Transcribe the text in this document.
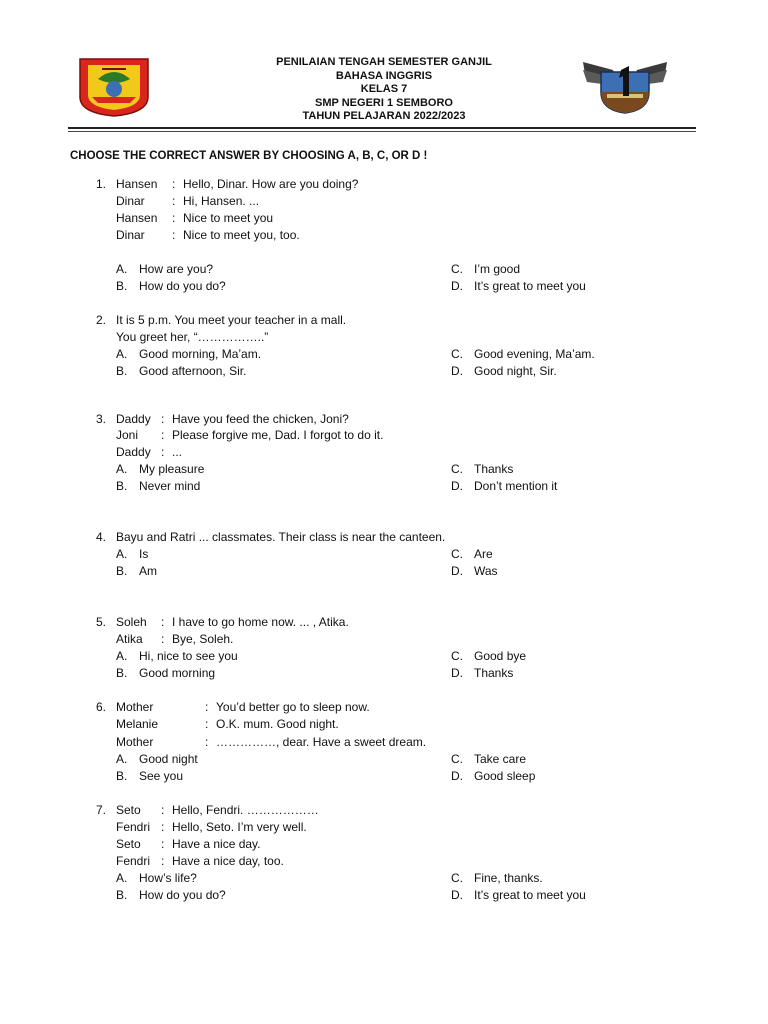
PENILAIAN TENGAH SEMESTER GANJIL
BAHASA INGGRIS
KELAS 7
SMP NEGERI 1 SEMBORO
TAHUN PELAJARAN 2022/2023
CHOOSE THE CORRECT ANSWER BY CHOOSING A, B, C, OR D !
1. Hansen : Hello, Dinar. How are you doing?
Dinar : Hi, Hansen. ...
Hansen : Nice to meet you
Dinar : Nice to meet you, too.
A. How are you?
B. How do you do?
C. I’m good
D. It’s great to meet you
2. It is 5 p.m. You meet your teacher in a mall.
You greet her, “……………..”
A. Good morning, Ma’am.
B. Good afternoon, Sir.
C. Good evening, Ma’am.
D. Good night, Sir.
3. Daddy : Have you feed the chicken, Joni?
Joni : Please forgive me, Dad. I forgot to do it.
Daddy : ...
A. My pleasure
B. Never mind
C. Thanks
D. Don’t mention it
4. Bayu and Ratri ... classmates. Their class is near the canteen.
A. Is
B. Am
C. Are
D. Was
5. Soleh : I have to go home now. ... , Atika.
Atika : Bye, Soleh.
A. Hi, nice to see you
B. Good morning
C. Good bye
D. Thanks
6. Mother	: You’d better go to sleep now.
Melanie	: O.K. mum. Good night.
Mother	: ……………, dear. Have a sweet dream.
A. Good night
B. See you
C. Take care
D. Good sleep
7. Seto : Hello, Fendri. ………………
Fendri : Hello, Seto. I’m very well.
Seto : Have a nice day.
Fendri : Have a nice day, too.
A. How’s life?
B. How do you do?
C. Fine, thanks.
D. It’s great to meet you
